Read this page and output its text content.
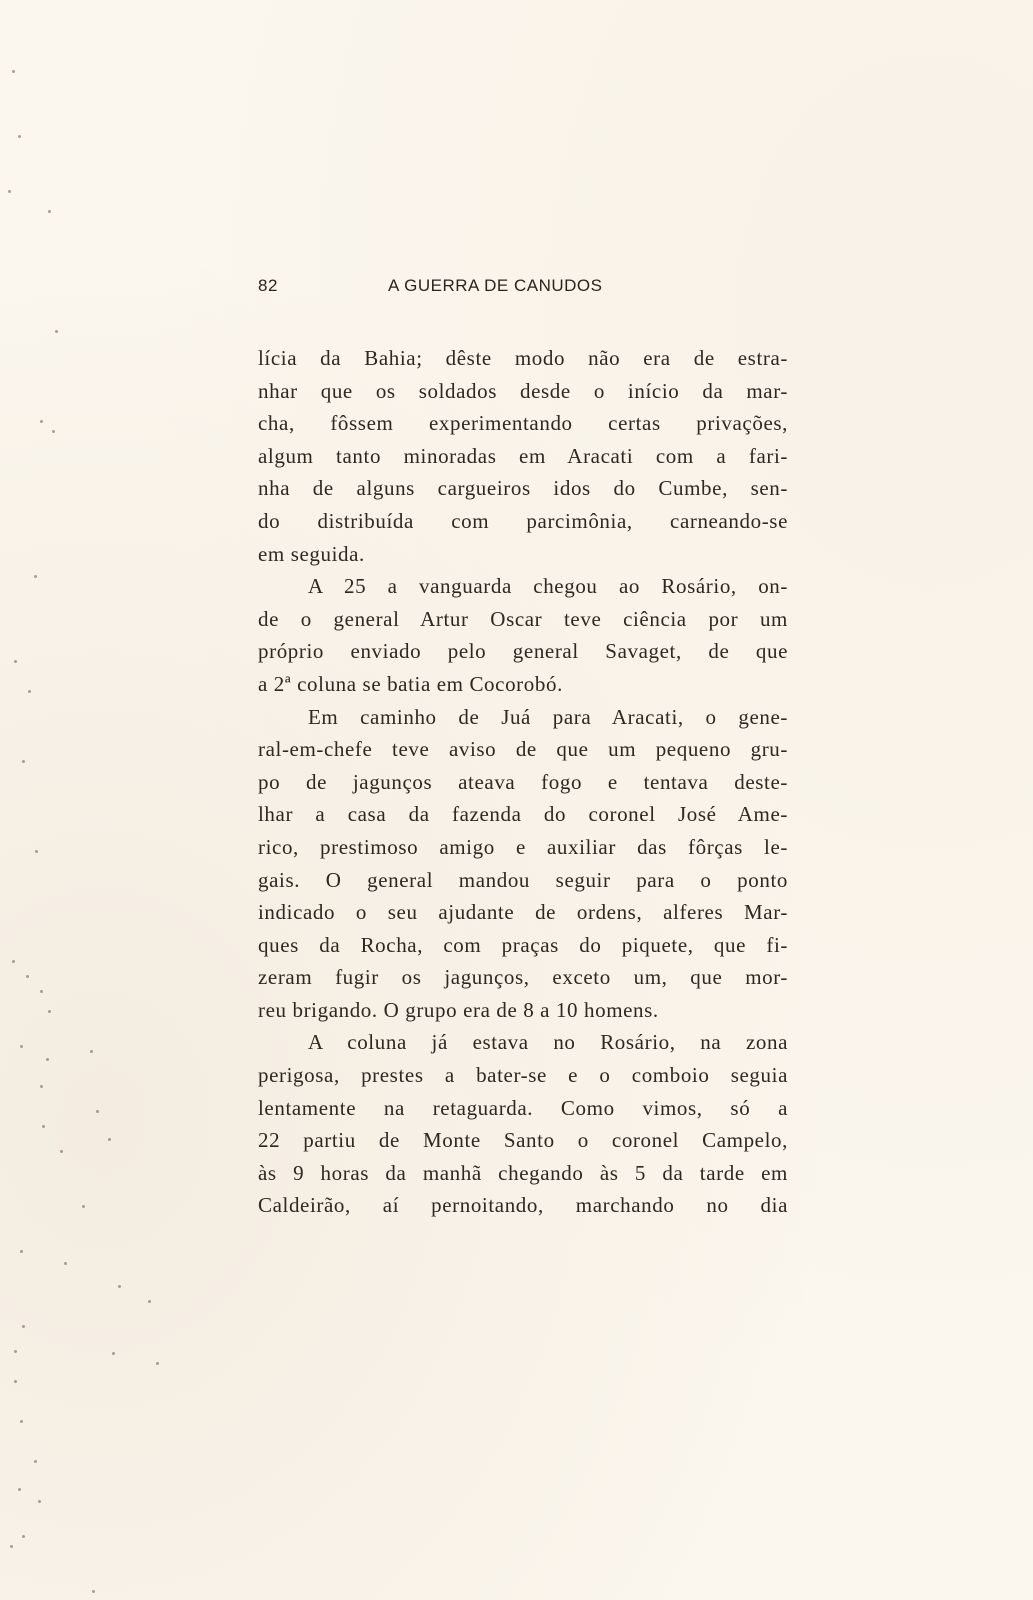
82	A GUERRA DE CANUDOS
lícia da Bahia; dêste modo não era de estra-
nhar que os soldados desde o início da mar-
cha, fôssem experimentando certas privações,
algum tanto minoradas em Aracati com a fari-
nha de alguns cargueiros idos do Cumbe, sen-
do distribuída com parcimônia, carneando-se
em seguida.
A 25 a vanguarda chegou ao Rosário, on-
de o general Artur Oscar teve ciência por um
próprio enviado pelo general Savaget, de que
a 2ª coluna se batia em Cocorobó.
Em caminho de Juá para Aracati, o gene-
ral-em-chefe teve aviso de que um pequeno gru-
po de jagunços ateava fogo e tentava deste-
lhar a casa da fazenda do coronel José Ame-
rico, prestimoso amigo e auxiliar das fôrças le-
gais. O general mandou seguir para o ponto
indicado o seu ajudante de ordens, alferes Mar-
ques da Rocha, com praças do piquete, que fi-
zeram fugir os jagunços, exceto um, que mor-
reu brigando. O grupo era de 8 a 10 homens.
A coluna já estava no Rosário, na zona
perigosa, prestes a bater-se e o comboio seguia
lentamente na retaguarda. Como vimos, só a
22 partiu de Monte Santo o coronel Campelo,
às 9 horas da manhã chegando às 5 da tarde em
Caldeirão, aí pernoitando, marchando no dia
